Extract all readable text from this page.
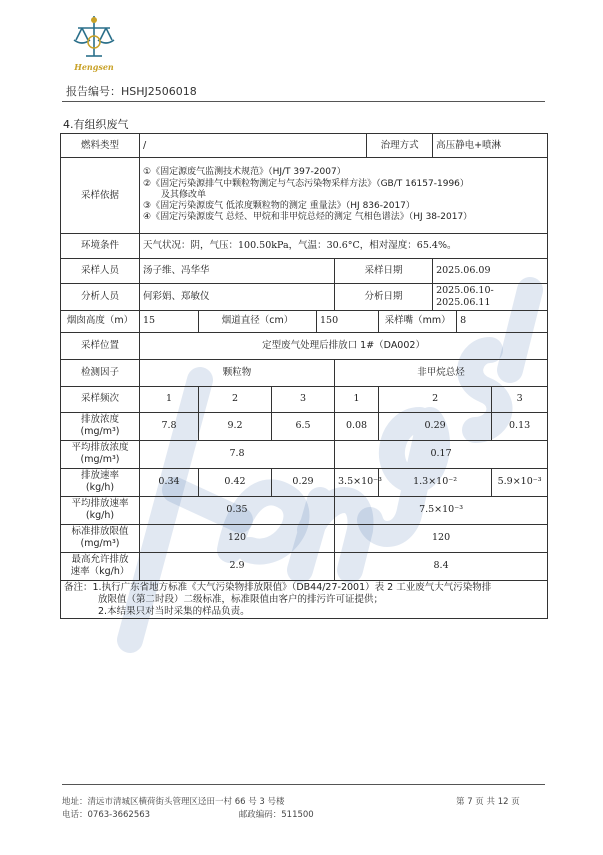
Hengsen
报告编号：HSHJ2506018
4.有组织废气
燃料类型	/					治理方式		高压静电+喷淋		
采样依据	①《固定源废气监测技术规范》（HJ/T 397-2007）
②《固定污染源排气中颗粒物测定与气态污染物采样方法》（GB/T 16157-1996）
及其修改单
③《固定污染源废气 低浓度颗粒物的测定 重量法》（HJ 836-2017）
④《固定污染源废气 总烃、甲烷和非甲烷总烃的测定 气相色谱法》（HJ 38-2017）									

环境条件	天气状况：阴，气压：100.50kPa，气温：30.6°C，相对湿度：65.4%。									
采样人员	汤子维、冯华华				采样日期			2025.06.09		
分析人员	何彩娟、郑敏仪				分析日期			2025.06.10-2025.06.11		
烟囱高度（m）	15	烟道直径（cm）		150			采样嘴（mm）		8	
采样位置	定型废气处理后排放口 1#（DA002）									
检测因子	颗粒物				非甲烷总烃					
采样频次	1	2	3		1		2			3
排放浓度
(mg/m³)	7.8	9.2	6.5		0.08		0.29			0.13
平均排放浓度
(mg/m³)	7.8				0.17					
排放速率
(kg/h)	0.34	0.42	0.29		3.5×10⁻³		1.3×10⁻²			5.9×10⁻³
平均排放速率
(kg/h)	0.35				7.5×10⁻³					
标准排放限值
(mg/m³)	120				120					
最高允许排放
速率（kg/h）	2.9				8.4					
备注：1.执行广东省地方标准《大气污染物排放限值》（DB44/27-2001）表 2 工业废气大气污染物排
放限值（第二时段）二级标准，标准限值由客户的排污许可证提供；
2.本结果只对当时采集的样品负责。										
地址：清远市清城区横荷街头管理区迳田一村 66 号 3 号楼	第 7 页 共 12 页
电话：0763-3662563	邮政编码：511500
